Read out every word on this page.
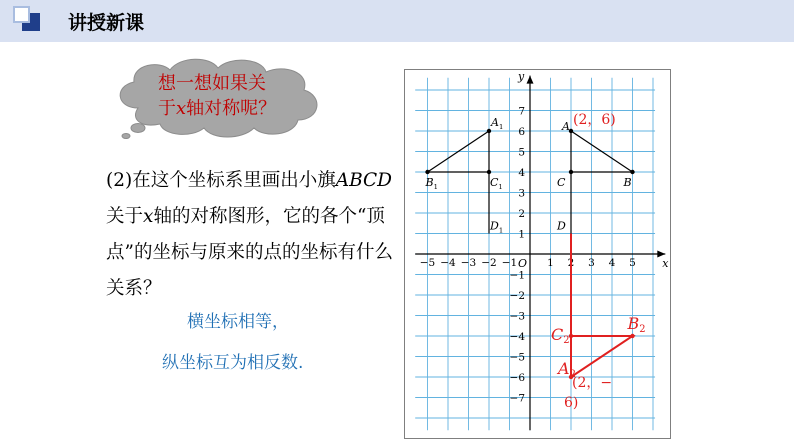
讲授新课
想一想如果关
于x轴对称呢？
(2)在这个坐标系里画出小旗ABCD关于x轴的对称图形，它的各个“顶点”的坐标与原来的点的坐标有什么关系？
横坐标相等，
纵坐标互为相反数.
−5 −4 −3 −2 −1	1 2 3 4 5
7
6
5
4
3
2
1
−1
−2
−3
−4
−5
−6
−7
O	x
y
A
B
C
D
$A_1$
$B_1$	$C_1$
$D_1$
A2
B2
C2
(2，6)
(2，−
6)
